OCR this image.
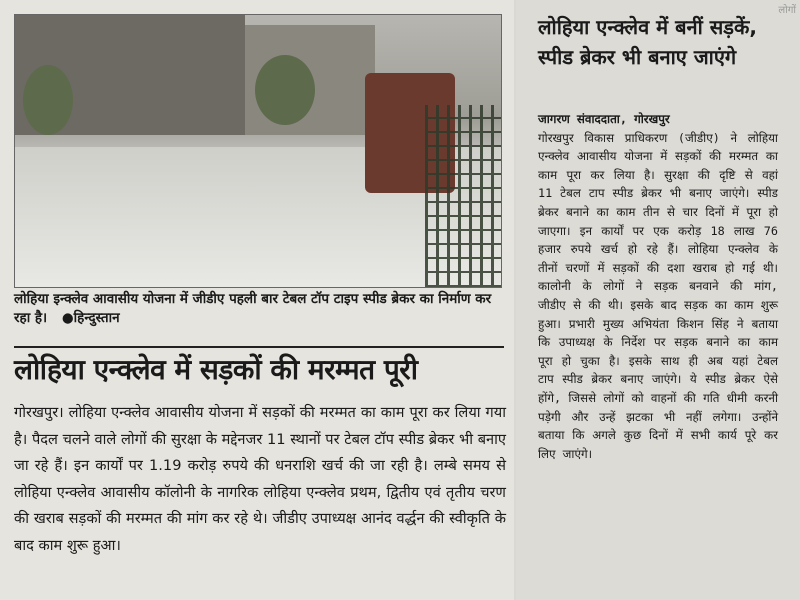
लोहिया इन्क्लेव आवासीय योजना में जीडीए पहली बार टेबल टॉप टाइप स्पीड ब्रेकर का निर्माण कर रहा है। ●हिन्दुस्तान
लोहिया एन्क्लेव में सड़कों की मरम्मत पूरी
गोरखपुर। लोहिया एन्क्लेव आवासीय योजना में सड़कों की मरम्मत का काम पूरा कर लिया गया है। पैदल चलने वाले लोगों की सुरक्षा के मद्देनजर 11 स्थानों पर टेबल टॉप स्पीड ब्रेकर भी बनाए जा रहे हैं। इन कार्यों पर 1.19 करोड़ रुपये की धनराशि खर्च की जा रही है। लम्बे समय से लोहिया एन्क्लेव आवासीय कॉलोनी के नागरिक लोहिया एन्क्लेव प्रथम, द्वितीय एवं तृतीय चरण की खराब सड़कों की मरम्मत की मांग कर रहे थे। जीडीए उपाध्यक्ष आनंद वर्द्धन की स्वीकृति के बाद काम शुरू हुआ।
लोगों
लोहिया एन्क्लेव में बनीं सड़कें, स्पीड ब्रेकर भी बनाए जाएंगे
जागरण संवाददाता, गोरखपुर
गोरखपुर विकास प्राधिकरण (जीडीए) ने लोहिया एन्क्लेव आवासीय योजना में सड़कों की मरम्मत का काम पूरा कर लिया है। सुरक्षा की दृष्टि से वहां 11 टेबल टाप स्पीड ब्रेकर भी बनाए जाएंगे। स्पीड ब्रेकर बनाने का काम तीन से चार दिनों में पूरा हो जाएगा। इन कार्यों पर एक करोड़ 18 लाख 76 हजार रुपये खर्च हो रहे हैं। लोहिया एन्क्लेव के तीनों चरणों में सड़कों की दशा खराब हो गई थी। कालोनी के लोगों ने सड़क बनवाने की मांग, जीडीए से की थी। इसके बाद सड़क का काम शुरू हुआ। प्रभारी मुख्य अभियंता किशन सिंह ने बताया कि उपाध्यक्ष के निर्देश पर सड़क बनाने का काम पूरा हो चुका है। इसके साथ ही अब यहां टेबल टाप स्पीड ब्रेकर बनाए जाएंगे। ये स्पीड ब्रेकर ऐसे होंगे, जिससे लोगों को वाहनों की गति धीमी करनी पड़ेगी और उन्हें झटका भी नहीं लगेगा। उन्होंने बताया कि अगले कुछ दिनों में सभी कार्य पूरे कर लिए जाएंगे।
